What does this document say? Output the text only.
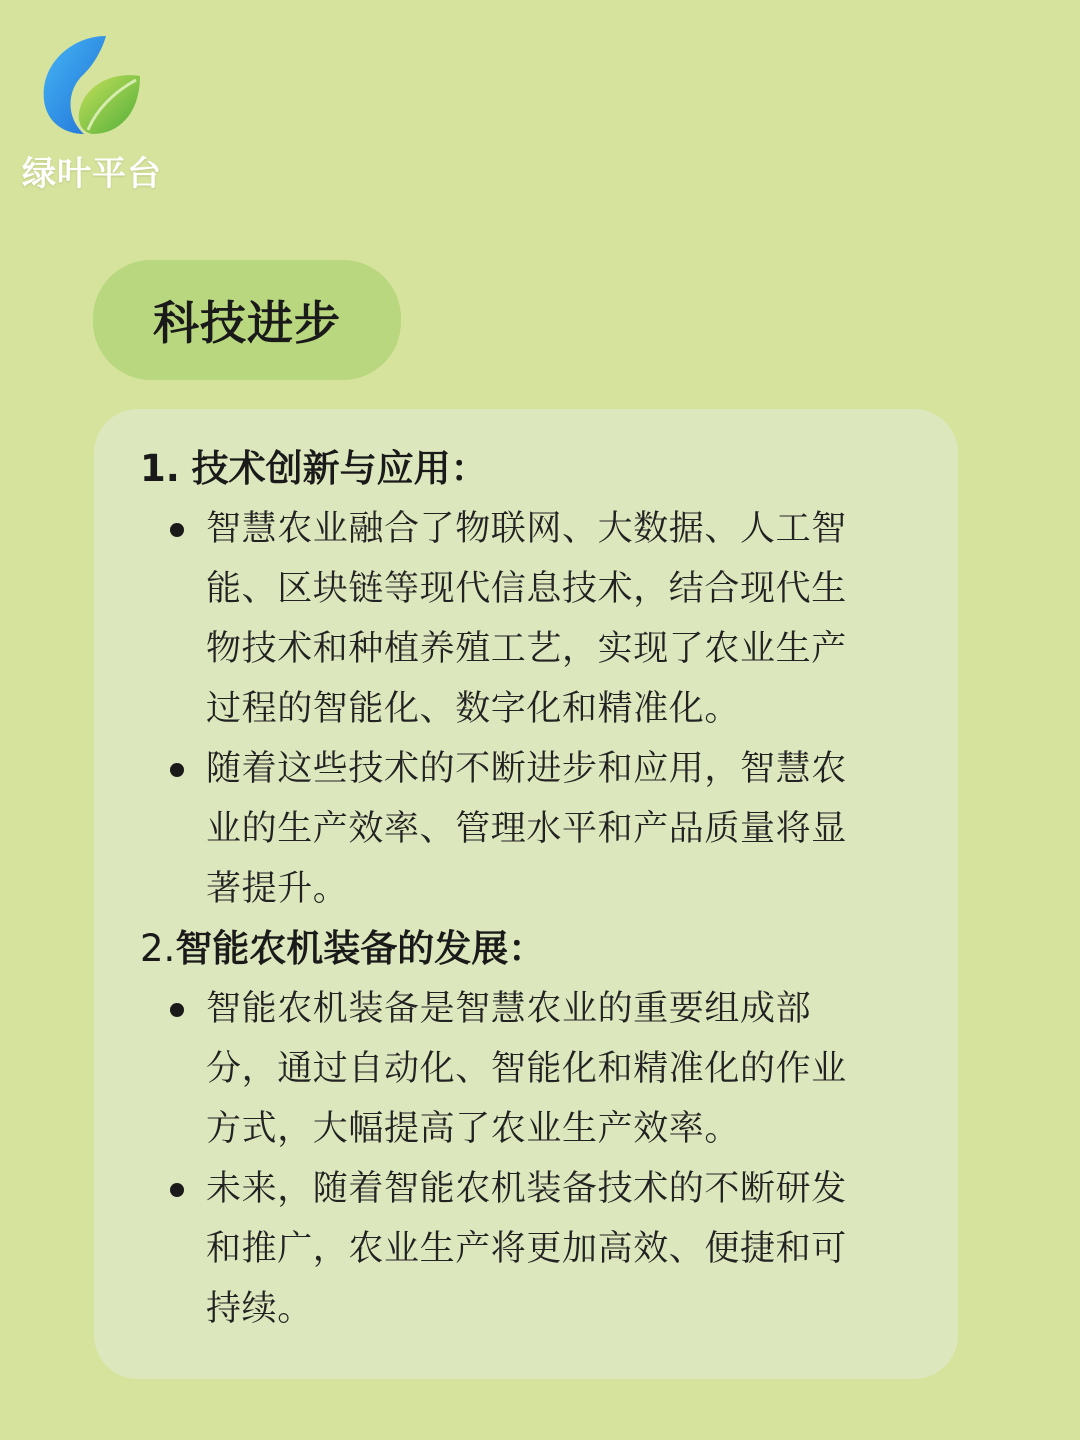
绿叶平台
科技进步
1. 技术创新与应用：
智慧农业融合了物联网、大数据、人工智
能、区块链等现代信息技术，结合现代生
物技术和种植养殖工艺，实现了农业生产
过程的智能化、数字化和精准化。
随着这些技术的不断进步和应用，智慧农
业的生产效率、管理水平和产品质量将显
著提升。
2.智能农机装备的发展：
智能农机装备是智慧农业的重要组成部
分，通过自动化、智能化和精准化的作业
方式，大幅提高了农业生产效率。
未来，随着智能农机装备技术的不断研发
和推广，农业生产将更加高效、便捷和可
持续。
